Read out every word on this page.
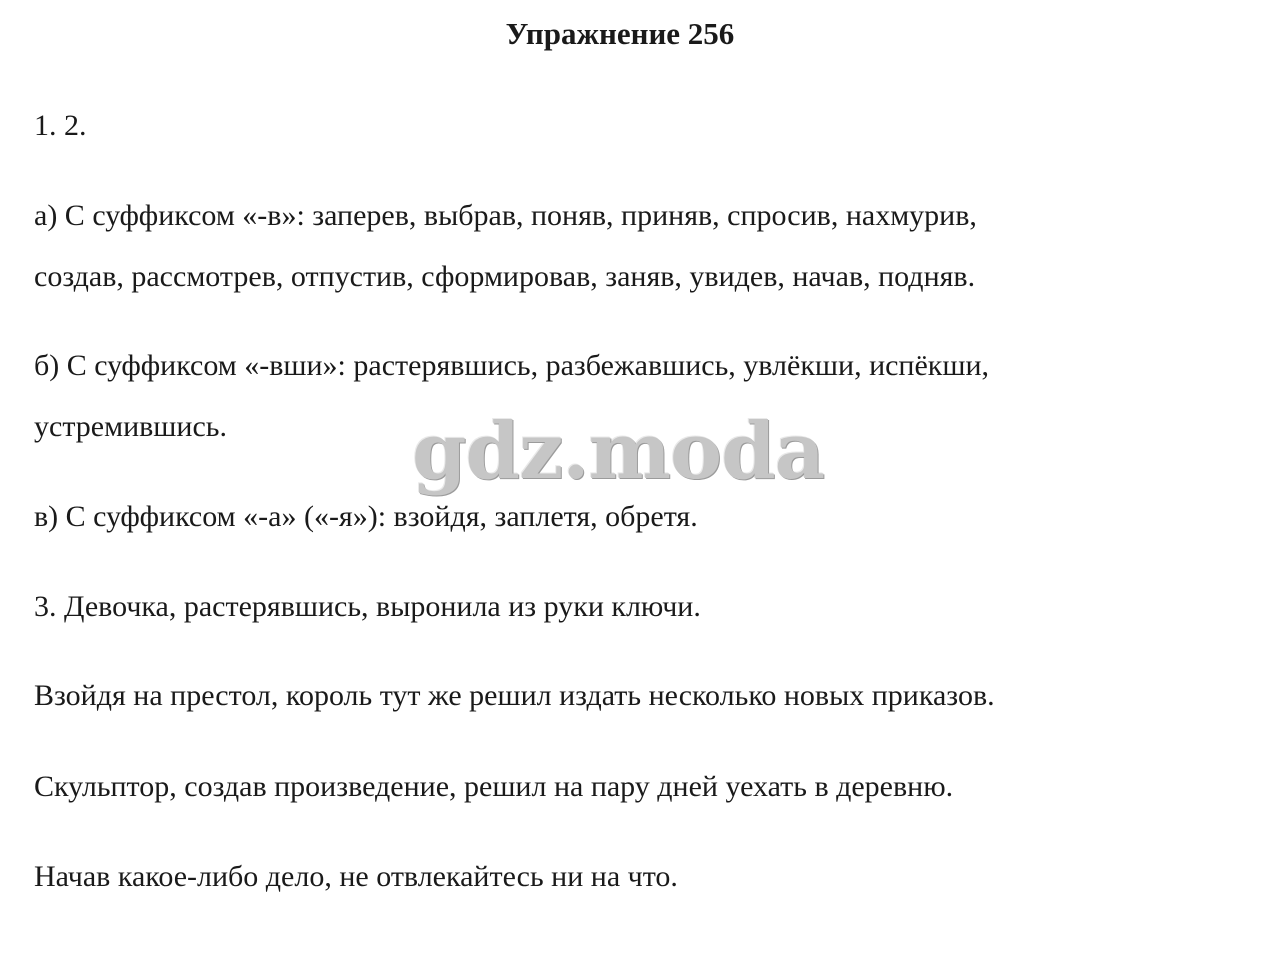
Упражнение 256
1. 2.
а) С суффиксом «-в»: заперев, выбрав, поняв, приняв, спросив, нахмурив,
создав, рассмотрев, отпустив, сформировав, заняв, увидев, начав, подняв.
б) С суффиксом «-вши»: растерявшись, разбежавшись, увлёкши, испёкши,
устремившись.
в) С суффиксом «-а» («-я»): взойдя, заплетя, обретя.
3. Девочка, растерявшись, выронила из руки ключи.
Взойдя на престол, король тут же решил издать несколько новых приказов.
Скульптор, создав произведение, решил на пару дней уехать в деревню.
Начав какое-либо дело, не отвлекайтесь ни на что.
gdz.moda
